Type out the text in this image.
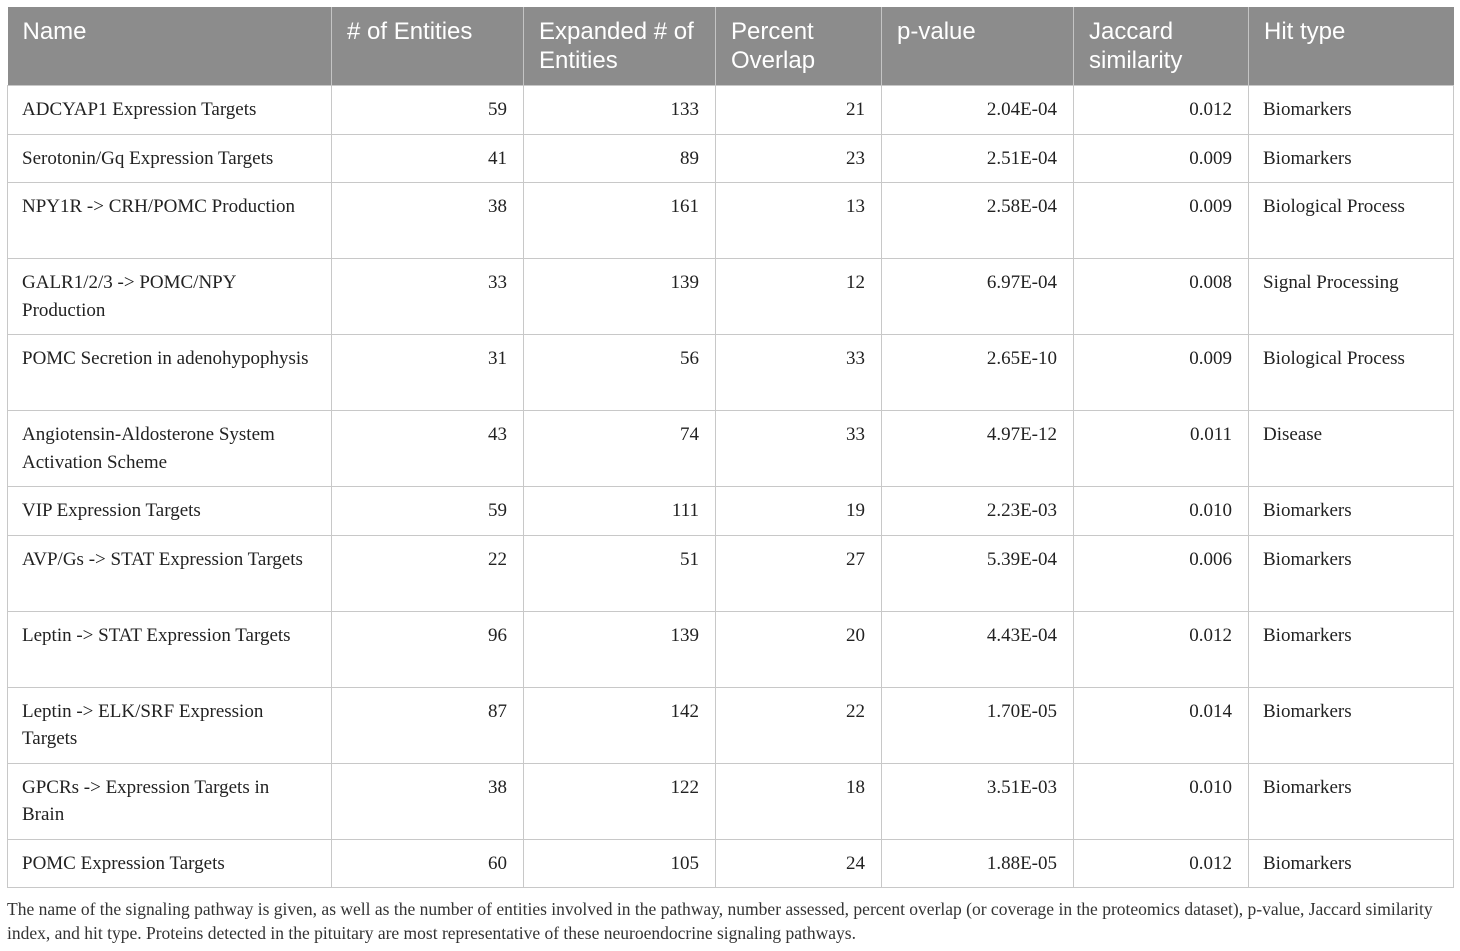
Name	# of Entities	Expanded # of Entities	Percent Overlap	p-value	Jaccard similarity	Hit type
ADCYAP1 Expression Targets	59	133	21	2.04E-04	0.012	Biomarkers
Serotonin/Gq Expression Targets	41	89	23	2.51E-04	0.009	Biomarkers
NPY1R -> CRH/POMC Production	38	161	13	2.58E-04	0.009	Biological Process
GALR1/2/3 -> POMC/NPY Production	33	139	12	6.97E-04	0.008	Signal Processing
POMC Secretion in adenohypophysis	31	56	33	2.65E-10	0.009	Biological Process
Angiotensin-Aldosterone System Activation Scheme	43	74	33	4.97E-12	0.011	Disease
VIP Expression Targets	59	111	19	2.23E-03	0.010	Biomarkers
AVP/Gs -> STAT Expression Targets	22	51	27	5.39E-04	0.006	Biomarkers
Leptin -> STAT Expression Targets	96	139	20	4.43E-04	0.012	Biomarkers
Leptin -> ELK/SRF Expression Targets	87	142	22	1.70E-05	0.014	Biomarkers
GPCRs -> Expression Targets in Brain	38	122	18	3.51E-03	0.010	Biomarkers
POMC Expression Targets	60	105	24	1.88E-05	0.012	Biomarkers
The name of the signaling pathway is given, as well as the number of entities involved in the pathway, number assessed, percent overlap (or coverage in the proteomics dataset), p-value, Jaccard similarity index, and hit type. Proteins detected in the pituitary are most representative of these neuroendocrine signaling pathways.
